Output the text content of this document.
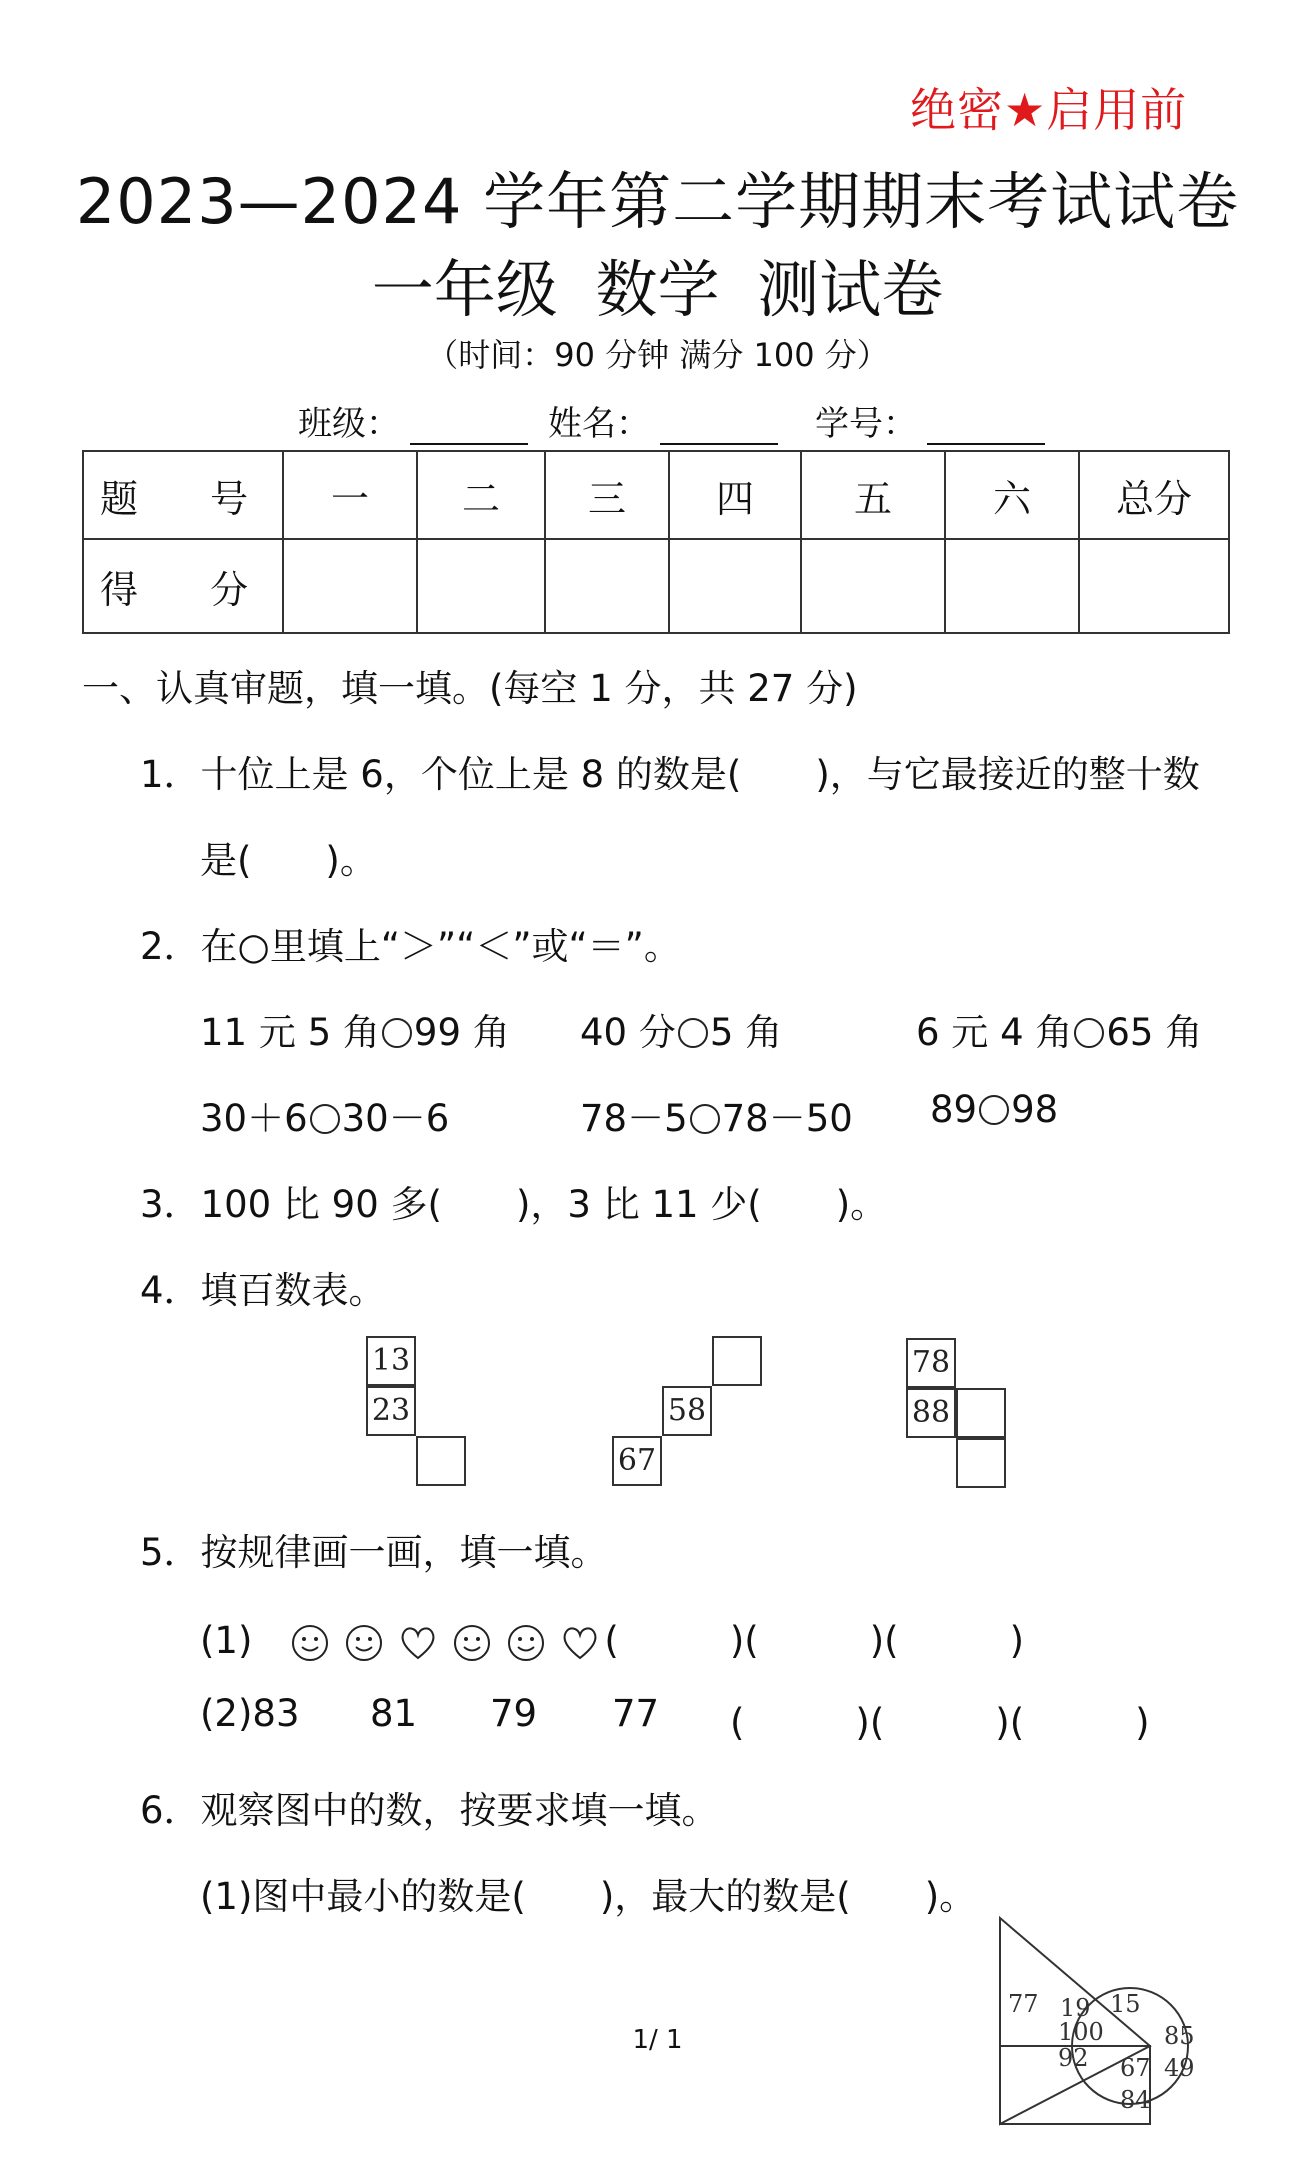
绝密★启用前
2023—2024 学年第二学期期末考试试卷
一年级 数学 测试卷
（时间：90 分钟 满分 100 分）
班级：	姓名：	学号：
题 号	一	二	三	四	五	六	总分
得 分							
一、认真审题，填一填。(每空 1 分，共 27 分)
1．十位上是 6，个位上是 8 的数是(　　)，与它最接近的整十数
是(　　)。
2．在○里填上“＞”“＜”或“＝”。
11 元 5 角 99 角 40 分 5 角	6 元 4 角 65 角
30＋6 30－6	78－5 78－50 89 98
3．100 比 90 多(　　)，3 比 11 少(　　)。
4．填百数表。
13
23	58
67
78
88
5．按规律画一画，填一填。
(1)	(　　　)(　　　)(　　　)
(2)83 81 79 77 (　　　)(　　　)(　　　)
6．观察图中的数，按要求填一填。
(1)图中最小的数是(　　)，最大的数是(　　)。
77 19 15
100
92
85
67 49
84
1/ 1
